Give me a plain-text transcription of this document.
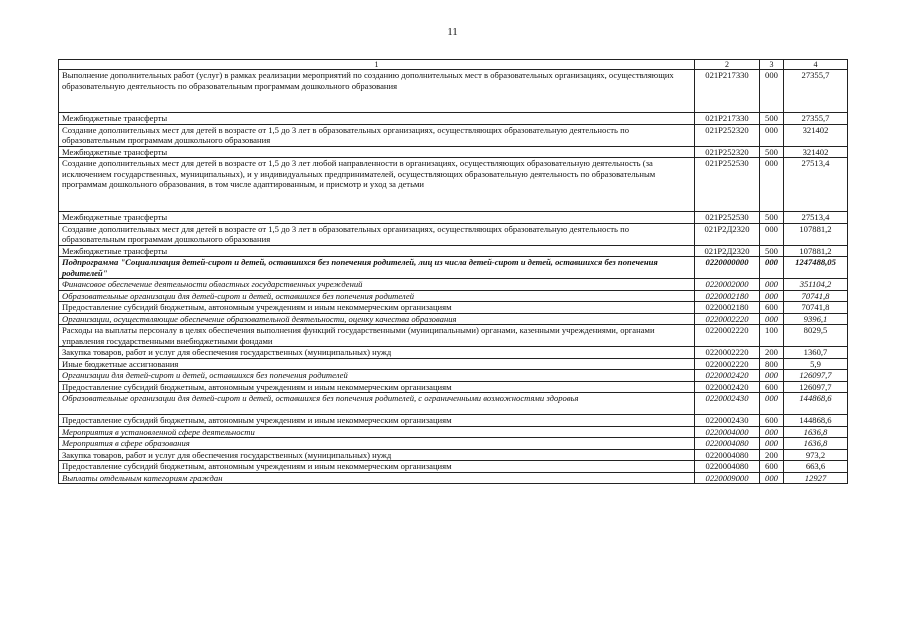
11
1	2	3	4
Выполнение дополнительных работ (услуг) в рамках реализации мероприятий по созданию дополнительных мест в образовательных организациях, осуществляющих образовательную деятельность по образовательным программам дошкольного образования	021P217330	000	27355,7
Межбюджетные трансферты	021P217330	500	27355,7
Создание дополнительных мест для детей в возрасте от 1,5 до 3 лет в образовательных организациях, осуществляющих образовательную деятельность по образовательным программам дошкольного образования	021P252320	000	321402
Межбюджетные трансферты	021P252320	500	321402
Создание дополнительных мест для детей в возрасте от 1,5 до 3 лет любой направленности в организациях, осуществляющих образовательную деятельность (за исключением государственных, муниципальных), и у индивидуальных предпринимателей, осуществляющих образовательную деятельность по образовательным программам дошкольного образования, в том числе адаптированным, и присмотр и уход за детьми	021P252530	000	27513,4
Межбюджетные трансферты	021P252530	500	27513,4
Создание дополнительных мест для детей в возрасте от 1,5 до 3 лет в образовательных организациях, осуществляющих образовательную деятельность по образовательным программам дошкольного образования	021P2Д2320	000	107881,2
Межбюджетные трансферты	021P2Д2320	500	107881,2
Подпрограмма "Социализация детей-сирот и детей, оставшихся без попечения родителей, лиц из числа детей-сирот и детей, оставшихся без попечения родителей"	0220000000	000	1247488,05
Финансовое обеспечение деятельности областных государственных учреждений	0220002000	000	351104,2
Образовательные организации для детей-сирот и детей, оставшихся без попечения родителей	0220002180	000	70741,8
Предоставление субсидий бюджетным, автономным учреждениям и иным некоммерческим организациям	0220002180	600	70741,8
Организации, осуществляющие обеспечение образовательной деятельности, оценку качества образования	0220002220	000	9396,1
Расходы на выплаты персоналу в целях обеспечения выполнения функций государственными (муниципальными) органами, казенными учреждениями, органами управления государственными внебюджетными фондами	0220002220	100	8029,5
Закупка товаров, работ и услуг для обеспечения государственных (муниципальных) нужд	0220002220	200	1360,7
Иные бюджетные ассигнования	0220002220	800	5,9
Организации для детей-сирот и детей, оставшихся без попечения родителей	0220002420	000	126097,7
Предоставление субсидий бюджетным, автономным учреждениям и иным некоммерческим организациям	0220002420	600	126097,7
Образовательные организации для детей-сирот и детей, оставшихся без попечения родителей, с ограниченными возможностями здоровья	0220002430	000	144868,6
Предоставление субсидий бюджетным, автономным учреждениям и иным некоммерческим организациям	0220002430	600	144868,6
Мероприятия в установленной сфере деятельности	0220004000	000	1636,8
Мероприятия в сфере образования	0220004080	000	1636,8
Закупка товаров, работ и услуг для обеспечения государственных (муниципальных) нужд	0220004080	200	973,2
Предоставление субсидий бюджетным, автономным учреждениям и иным некоммерческим организациям	0220004080	600	663,6
Выплаты отдельным категориям граждан	0220009000	000	12927
